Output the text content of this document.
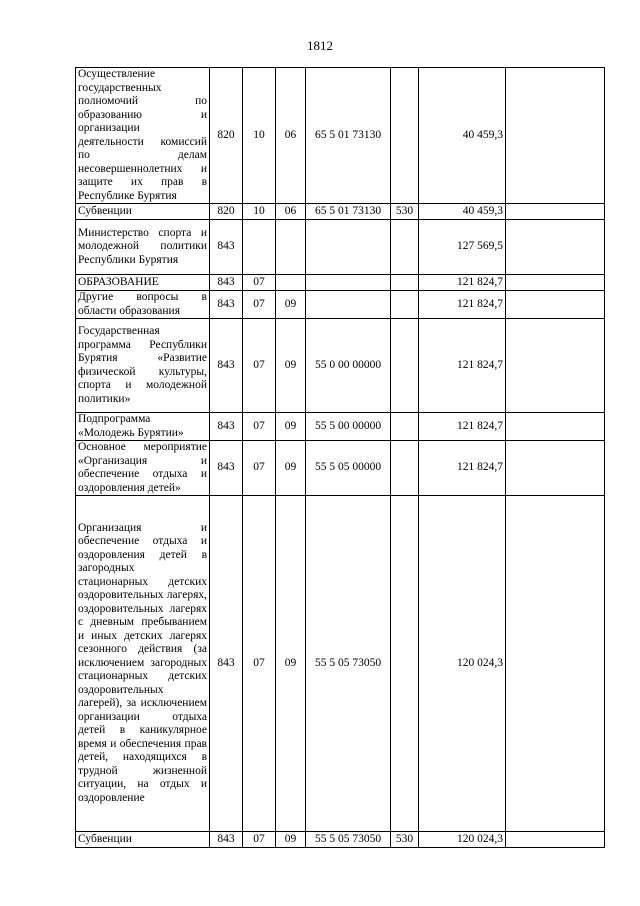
1812
Осуществление государственных полномочий по образованию и организации деятельности комиссий по делам несовершеннолетних и защите их прав в Республике Бурятия	820	10	06	65 5 01 73130		40 459,3	
Субвенции	820	10	06	65 5 01 73130	530	40 459,3	
Министерство спорта и молодежной политики Республики Бурятия	843					127 569,5	
ОБРАЗОВАНИЕ	843	07				121 824,7	
Другие вопросы в области образования	843	07	09			121 824,7	
Государственная программа Республики Бурятия «Развитие физической культуры, спорта и молодежной политики»	843	07	09	55 0 00 00000		121 824,7	
Подпрограмма «Молодежь Бурятии»	843	07	09	55 5 00 00000		121 824,7	
Основное мероприятие «Организация и обеспечение отдыха и оздоровления детей»	843	07	09	55 5 05 00000		121 824,7	
Организация и обеспечение отдыха и оздоровления детей в загородных стационарных детских оздоровительных лагерях, оздоровительных лагерях с дневным пребыванием и иных детских лагерях сезонного действия (за исключением загородных стационарных детских оздоровительных лагерей), за исключением организации отдыха детей в каникулярное время и обеспечения прав детей, находящихся в трудной жизненной ситуации, на отдых и оздоровление	843	07	09	55 5 05 73050		120 024,3	
Субвенции	843	07	09	55 5 05 73050	530	120 024,3	
